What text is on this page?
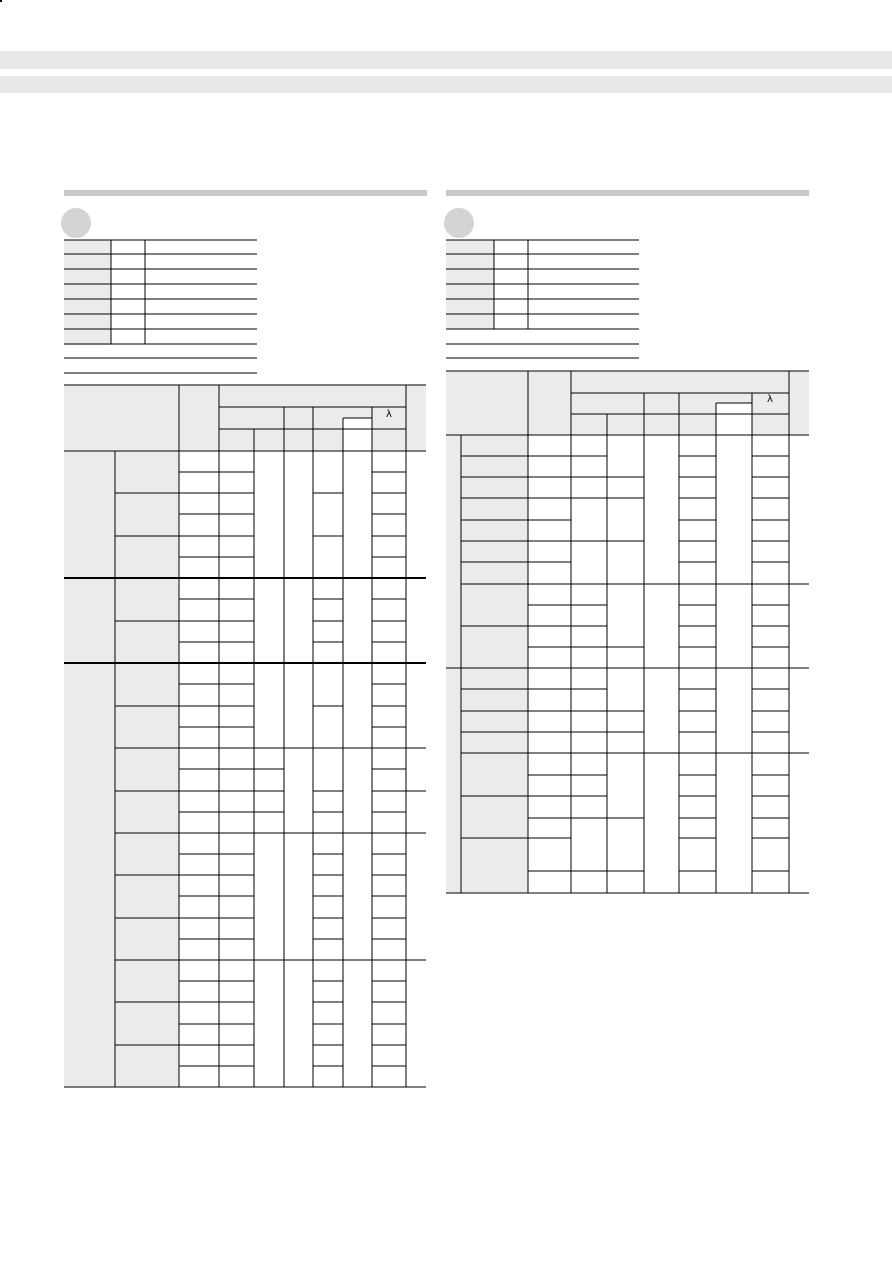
λ
λ
